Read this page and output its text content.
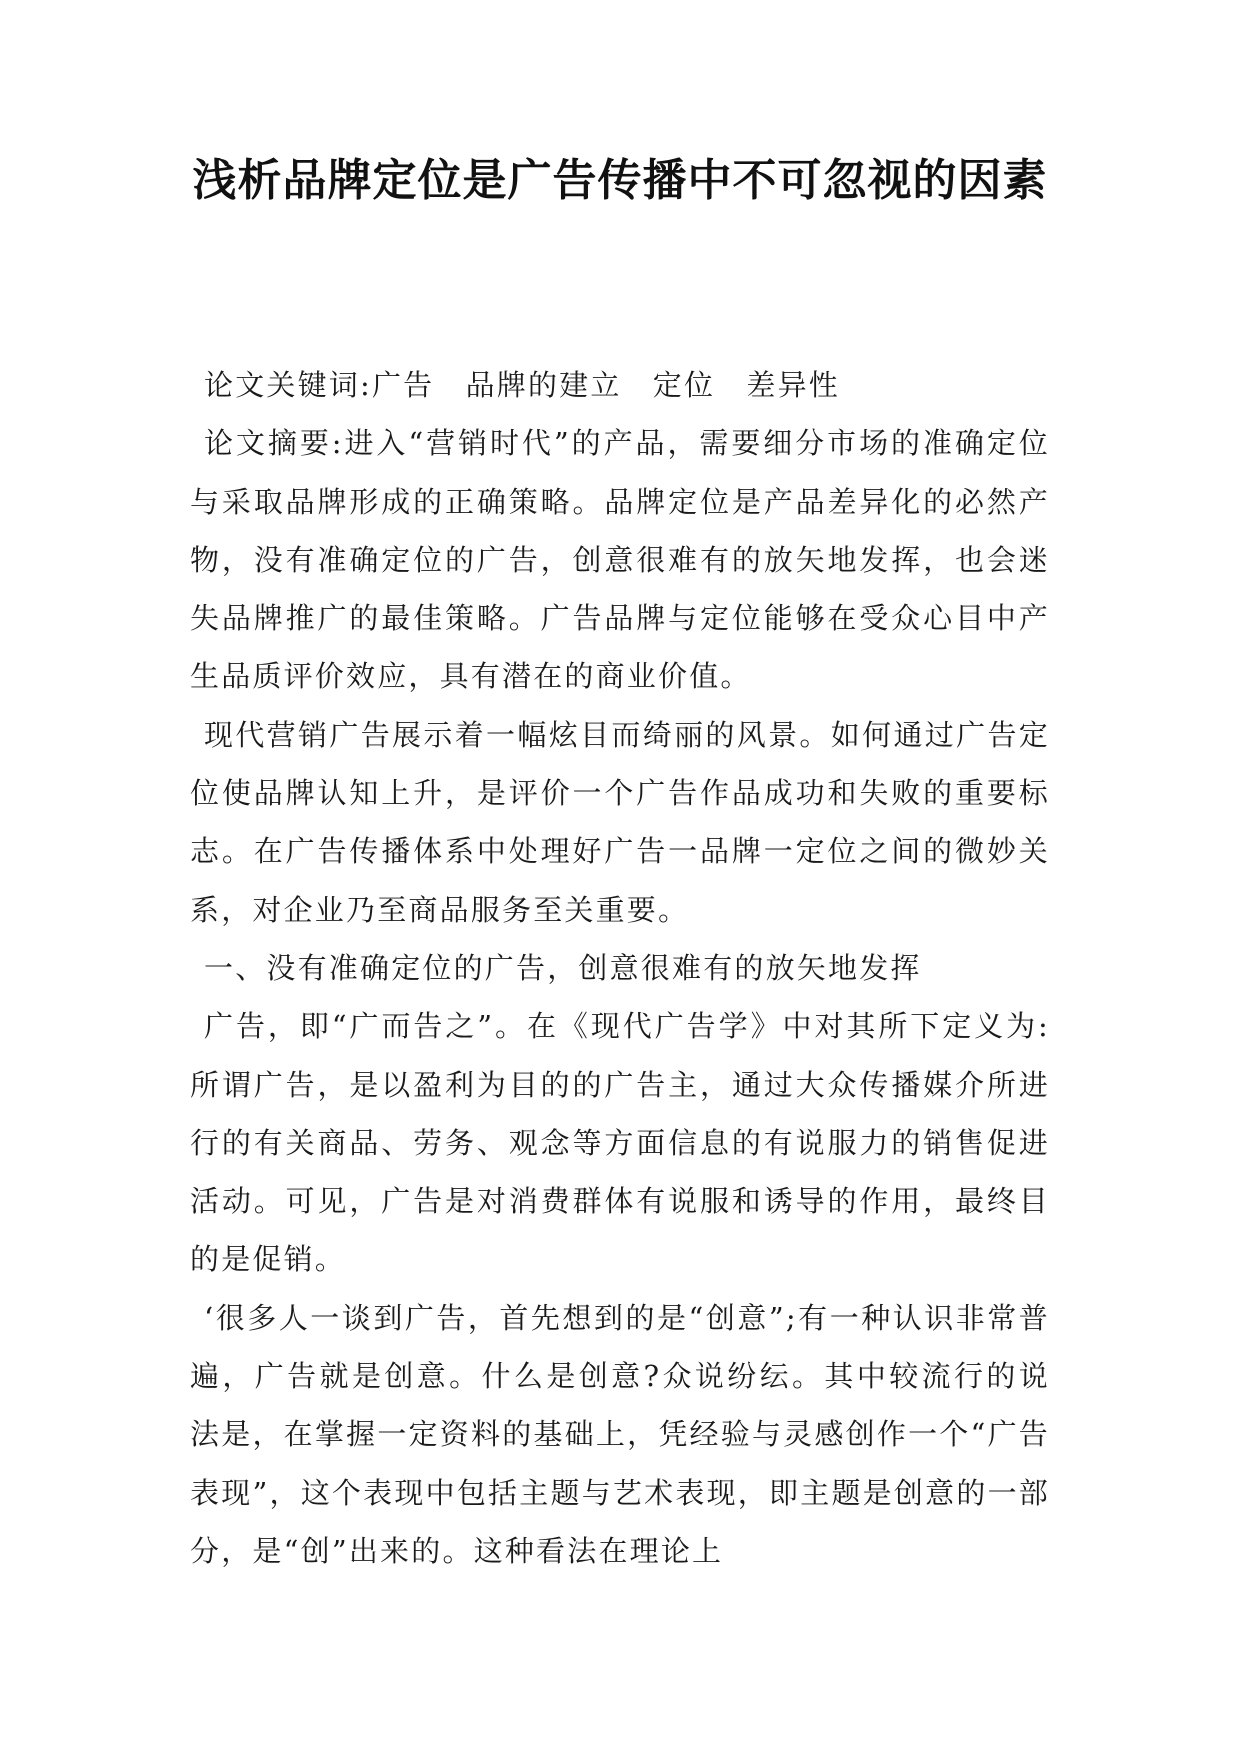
浅析品牌定位是广告传播中不可忽视的因素

论文关键词:广告　品牌的建立　定位　差异性

论文摘要:进入“营销时代”的产品，需要细分市场的准确定位与采取品牌形成的正确策略。品牌定位是产品差异化的必然产物，没有准确定位的广告，创意很难有的放矢地发挥，也会迷失品牌推广的最佳策略。广告品牌与定位能够在受众心目中产生品质评价效应，具有潜在的商业价值。

现代营销广告展示着一幅炫目而绮丽的风景。如何通过广告定位使品牌认知上升，是评价一个广告作品成功和失败的重要标志。在广告传播体系中处理好广告一品牌一定位之间的微妙关系，对企业乃至商品服务至关重要。

一、没有准确定位的广告，创意很难有的放矢地发挥

广告，即“广而告之”。在《现代广告学》中对其所下定义为:所谓广告，是以盈利为目的的广告主，通过大众传播媒介所进行的有关商品、劳务、观念等方面信息的有说服力的销售促进活动。可见，广告是对消费群体有说服和诱导的作用，最终目的是促销。

‘很多人一谈到广告，首先想到的是“创意”;有一种认识非常普遍，广告就是创意。什么是创意?众说纷纭。其中较流行的说法是，在掌握一定资料的基础上，凭经验与灵感创作一个“广告表现”，这个表现中包括主题与艺术表现，即主题是创意的一部分，是“创”出来的。这种看法在理论上
